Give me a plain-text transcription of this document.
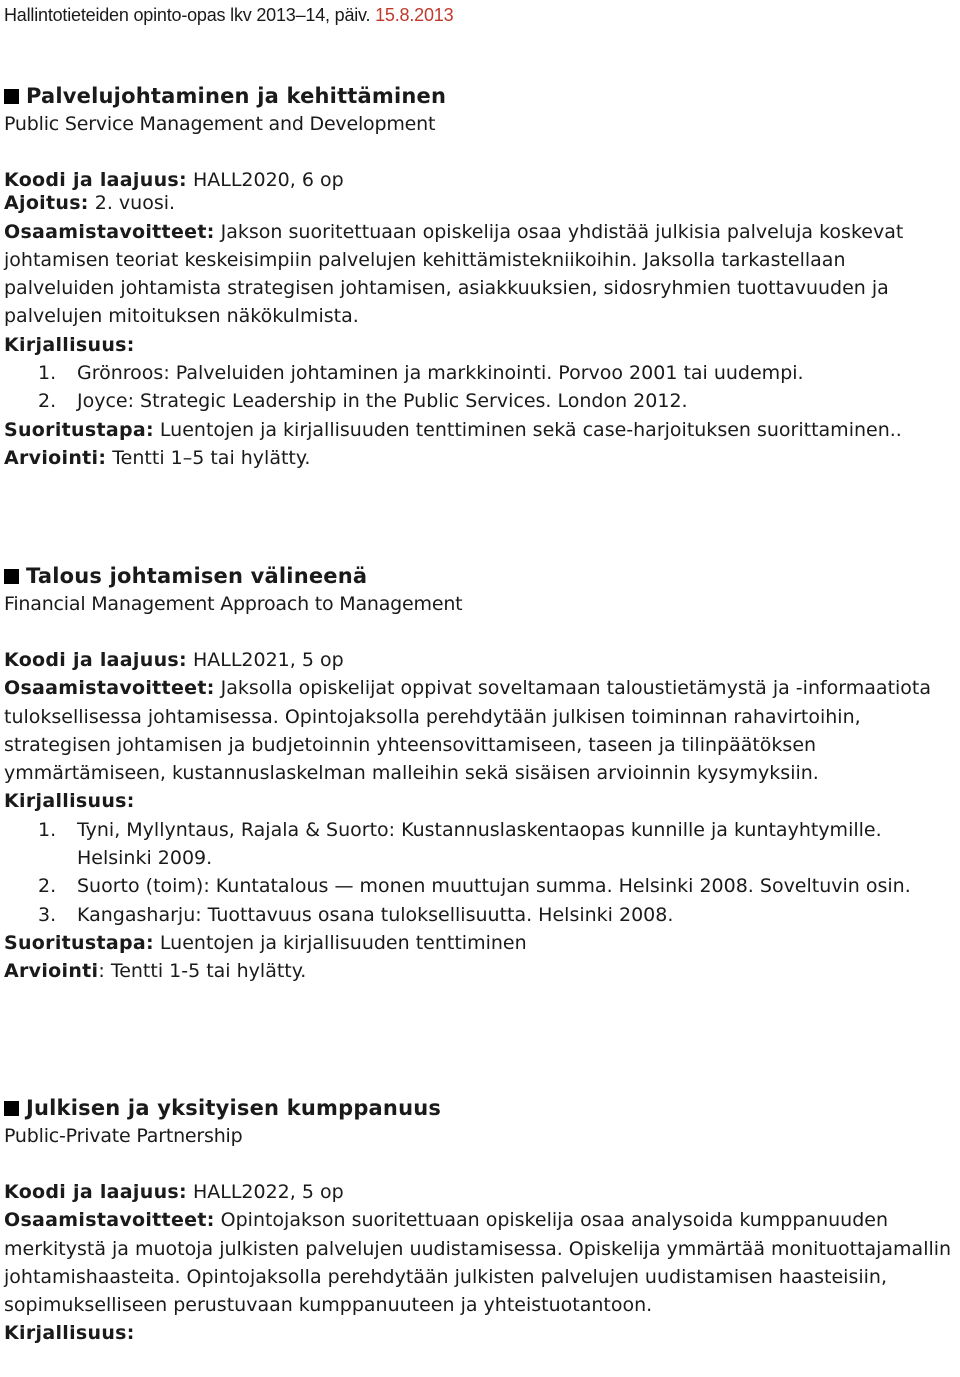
Hallintotieteiden opinto-opas lkv 2013–14, päiv. 15.8.2013
Palvelujohtaminen ja kehittäminen
Public Service Management and Development

Koodi ja laajuus: HALL2020, 6 op

Ajoitus: 2. vuosi.

Osaamistavoitteet: Jakson suoritettuaan opiskelija osaa yhdistää julkisia palveluja koskevat johtamisen teoriat keskeisimpiin palvelujen kehittämistekniikoihin. Jaksolla tarkastellaan palveluiden johtamista strategisen johtamisen, asiakkuuksien, sidosryhmien tuottavuuden ja palvelujen mitoituksen näkökulmista.

Kirjallisuus:

1.	Grönroos: Palveluiden johtaminen ja markkinointi. Porvoo 2001 tai uudempi.
2.	Joyce: Strategic Leadership in the Public Services. London 2012.

Suoritustapa: Luentojen ja kirjallisuuden tenttiminen sekä case-harjoituksen suorittaminen..

Arviointi: Tentti 1–5 tai hylätty.

Talous johtamisen välineenä
Financial Management Approach to Management

Koodi ja laajuus: HALL2021, 5 op

Osaamistavoitteet: Jaksolla opiskelijat oppivat soveltamaan taloustietämystä ja -informaatiota tuloksellisessa johtamisessa. Opintojaksolla perehdytään julkisen toiminnan rahavirtoihin, strategisen johtamisen ja budjetoinnin yhteensovittamiseen, taseen ja tilinpäätöksen ymmärtämiseen, kustannuslaskelman malleihin sekä sisäisen arvioinnin kysymyksiin.

Kirjallisuus:

1.	Tyni, Myllyntaus, Rajala & Suorto: Kustannuslaskentaopas kunnille ja kuntayhtymille. Helsinki 2009.
2.	Suorto (toim): Kuntatalous — monen muuttujan summa. Helsinki 2008. Soveltuvin osin.
3.	Kangasharju: Tuottavuus osana tuloksellisuutta. Helsinki 2008.

Suoritustapa: Luentojen ja kirjallisuuden tenttiminen

Arviointi: Tentti 1-5 tai hylätty.

Julkisen ja yksityisen kumppanuus
Public-Private Partnership

Koodi ja laajuus: HALL2022, 5 op

Osaamistavoitteet: Opintojakson suoritettuaan opiskelija osaa analysoida kumppanuuden merkitystä ja muotoja julkisten palvelujen uudistamisessa. Opiskelija ymmärtää monituottajamallin johtamishaasteita. Opintojaksolla perehdytään julkisten palvelujen uudistamisen haasteisiin, sopimukselliseen perustuvaan kumppanuuteen ja yhteistuotantoon.

Kirjallisuus:
